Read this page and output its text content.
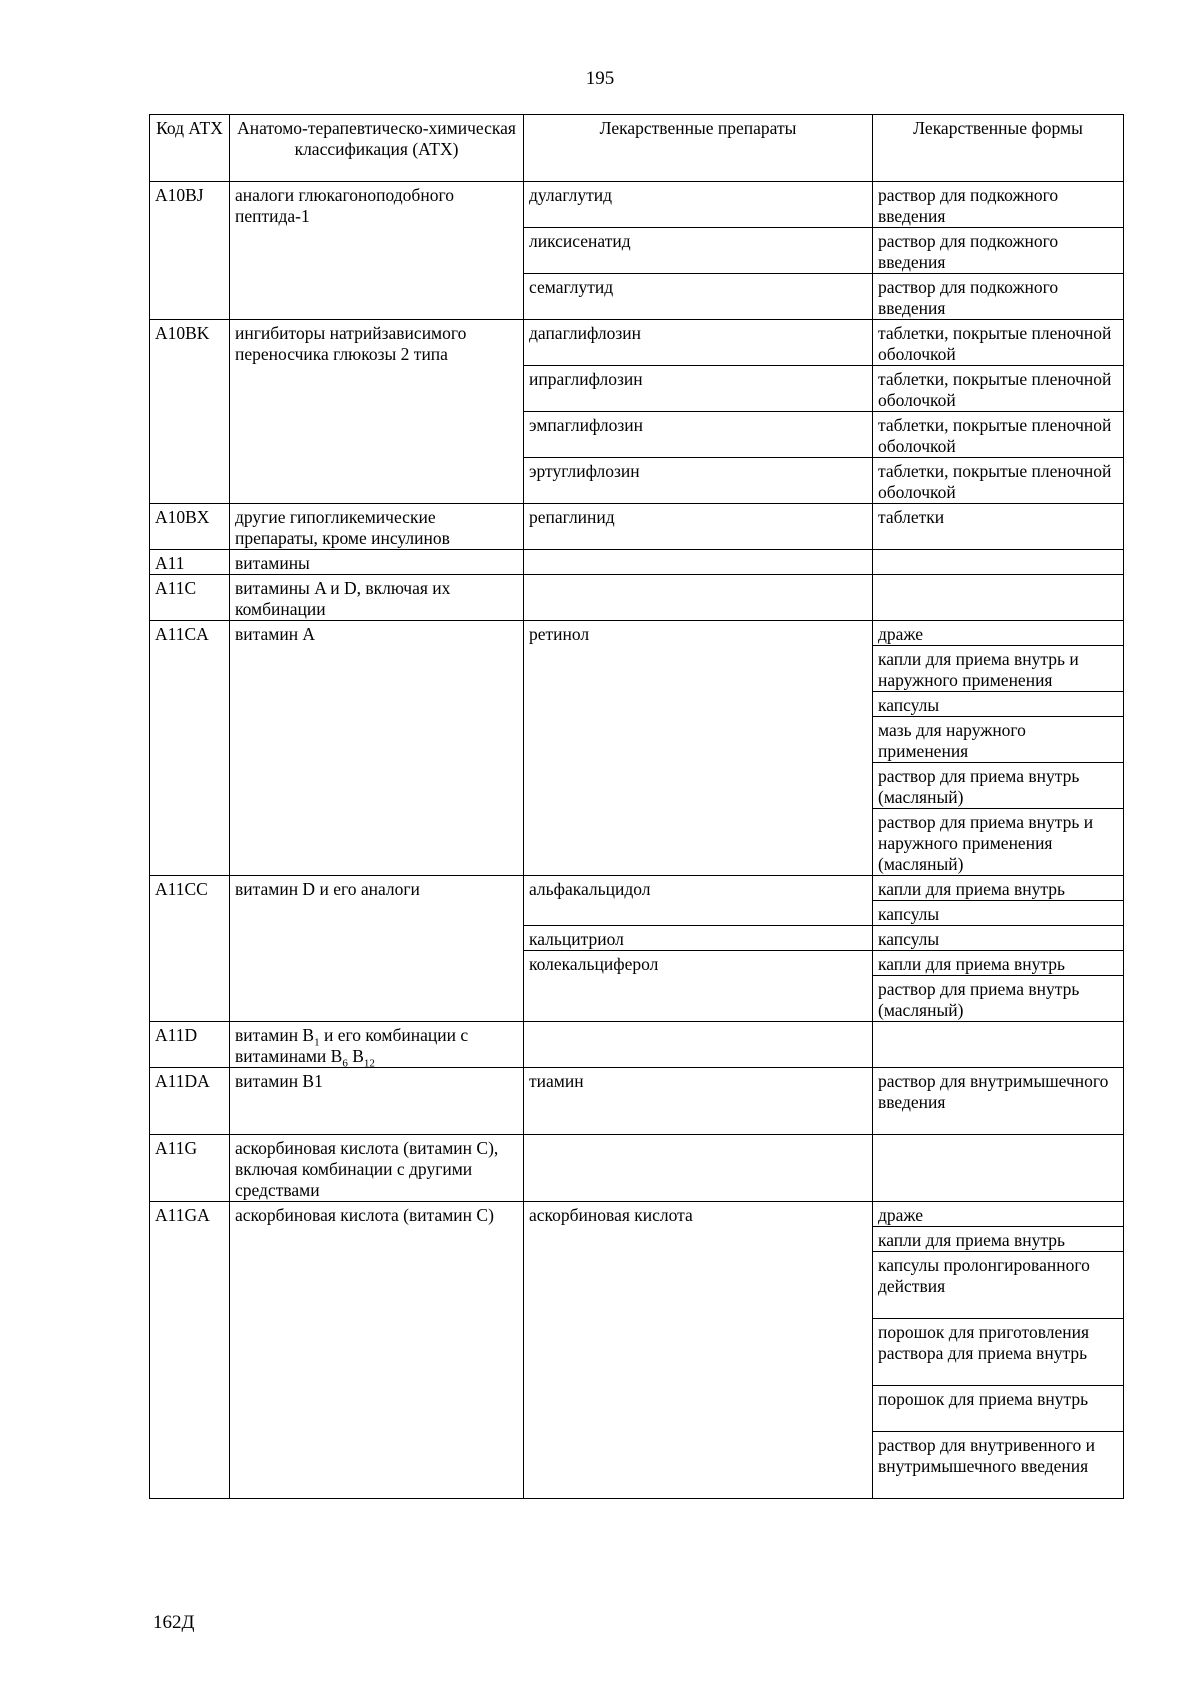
195
Код АТХ	Анатомо-терапевтическо-химическая классификация (АТХ)	Лекарственные препараты	Лекарственные формы
A10BJ	аналоги глюкагоноподобного пептида-1	дулаглутид	раствор для подкожного введения
		ликсисенатид	раствор для подкожного введения
		семаглутид	раствор для подкожного введения
A10BK	ингибиторы натрийзависимого переносчика глюкозы 2 типа	дапаглифлозин	таблетки, покрытые пленочной оболочкой
		ипраглифлозин	таблетки, покрытые пленочной оболочкой
		эмпаглифлозин	таблетки, покрытые пленочной оболочкой
		эртуглифлозин	таблетки, покрытые пленочной оболочкой
A10BX	другие гипогликемические препараты, кроме инсулинов	репаглинид	таблетки
A11	витамины		
A11C	витамины A и D, включая их комбинации		
A11CA	витамин A	ретинол	драже
			капли для приема внутрь и наружного применения
			капсулы
			мазь для наружного применения
			раствор для приема внутрь (масляный)
			раствор для приема внутрь и наружного применения (масляный)
A11CC	витамин D и его аналоги	альфакальцидол	капли для приема внутрь
			капсулы
		кальцитриол	капсулы
		колекальциферол	капли для приема внутрь
			раствор для приема внутрь (масляный)
A11D	витамин $B_1$ и его комбинации с витаминами $B_6$ $B_{12}$		
A11DA	витамин B1	тиамин	раствор для внутримышечного введения
A11G	аскорбиновая кислота (витамин C), включая комбинации с другими средствами		
A11GA	аскорбиновая кислота (витамин C)	аскорбиновая кислота	драже
			капли для приема внутрь
			капсулы пролонгированного действия
			порошок для приготовления раствора для приема внутрь
			порошок для приема внутрь
			раствор для внутривенного и внутримышечного введения
162Д
